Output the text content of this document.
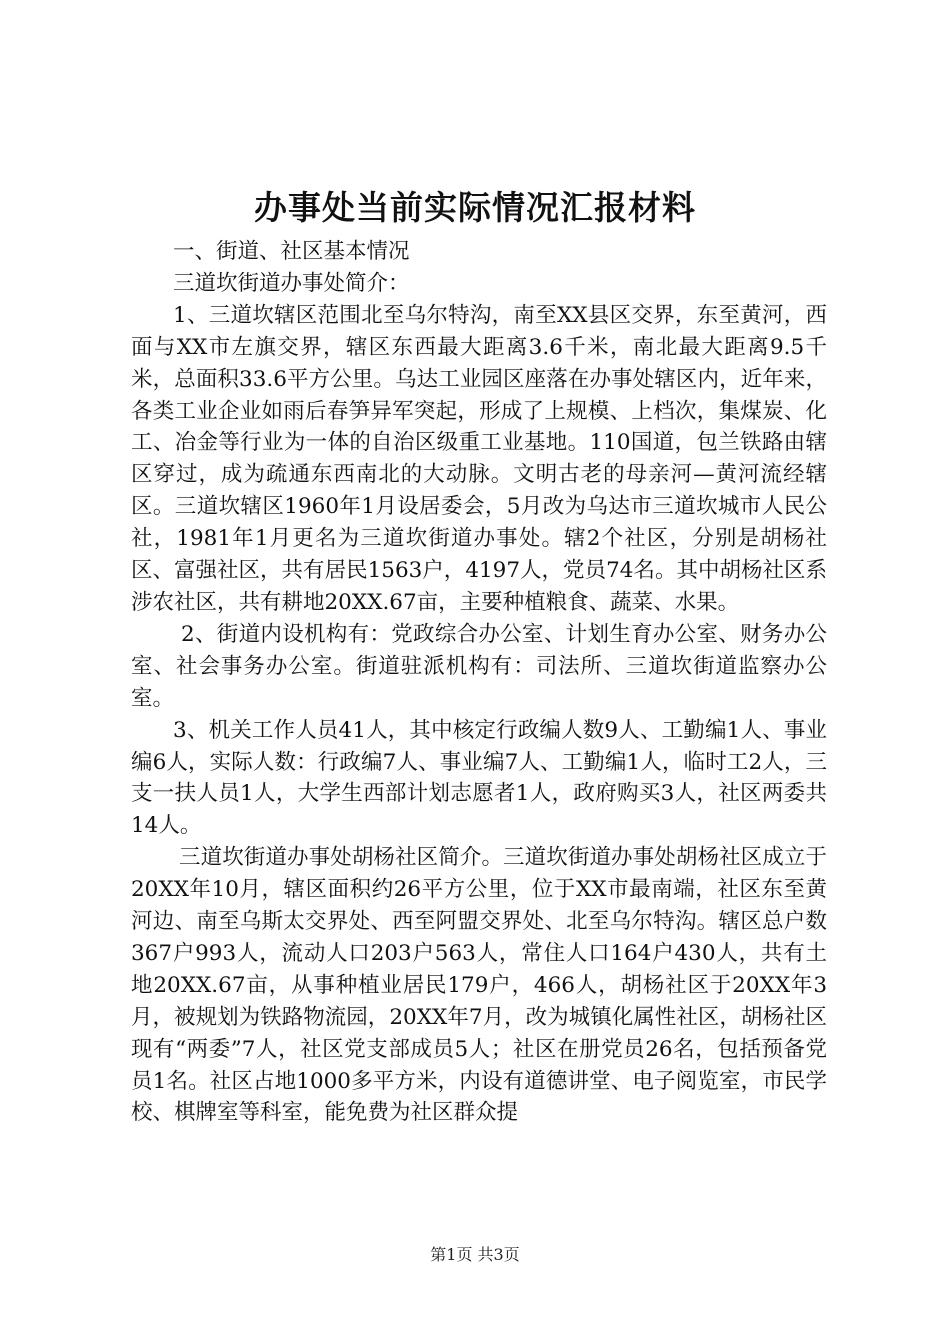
办事处当前实际情况汇报材料

一、街道、社区基本情况

三道坎街道办事处简介：

1、三道坎辖区范围北至乌尔特沟，南至XX县区交界，东至黄河，西面与XX市左旗交界，辖区东西最大距离3.6千米，南北最大距离9.5千米，总面积33.6平方公里。乌达工业园区座落在办事处辖区内，近年来，各类工业企业如雨后春笋异军突起，形成了上规模、上档次，集煤炭、化工、冶金等行业为一体的自治区级重工业基地。110国道，包兰铁路由辖区穿过，成为疏通东西南北的大动脉。文明古老的母亲河—黄河流经辖区。三道坎辖区1960年1月设居委会，5月改为乌达市三道坎城市人民公社，1981年1月更名为三道坎街道办事处。辖2个社区，分别是胡杨社区、富强社区，共有居民1563户，4197人，党员74名。其中胡杨社区系涉农社区，共有耕地20XX.67亩，主要种植粮食、蔬菜、水果。

2、街道内设机构有：党政综合办公室、计划生育办公室、财务办公室、社会事务办公室。街道驻派机构有：司法所、三道坎街道监察办公室。

3、机关工作人员41人，其中核定行政编人数9人、工勤编1人、事业编6人，实际人数：行政编7人、事业编7人、工勤编1人，临时工2人，三支一扶人员1人，大学生西部计划志愿者1人，政府购买3人，社区两委共14人。

三道坎街道办事处胡杨社区简介。三道坎街道办事处胡杨社区成立于20XX年10月，辖区面积约26平方公里，位于XX市最南端，社区东至黄河边、南至乌斯太交界处、西至阿盟交界处、北至乌尔特沟。辖区总户数367户993人，流动人口203户563人，常住人口164户430人，共有土地20XX.67亩，从事种植业居民179户，466人，胡杨社区于20XX年3月，被规划为铁路物流园，20XX年7月，改为城镇化属性社区，胡杨社区现有“两委”7人，社区党支部成员5人；社区在册党员26名，包括预备党员1名。社区占地1000多平方米，内设有道德讲堂、电子阅览室，市民学校、棋牌室等科室，能免费为社区群众提

第1页 共3页
